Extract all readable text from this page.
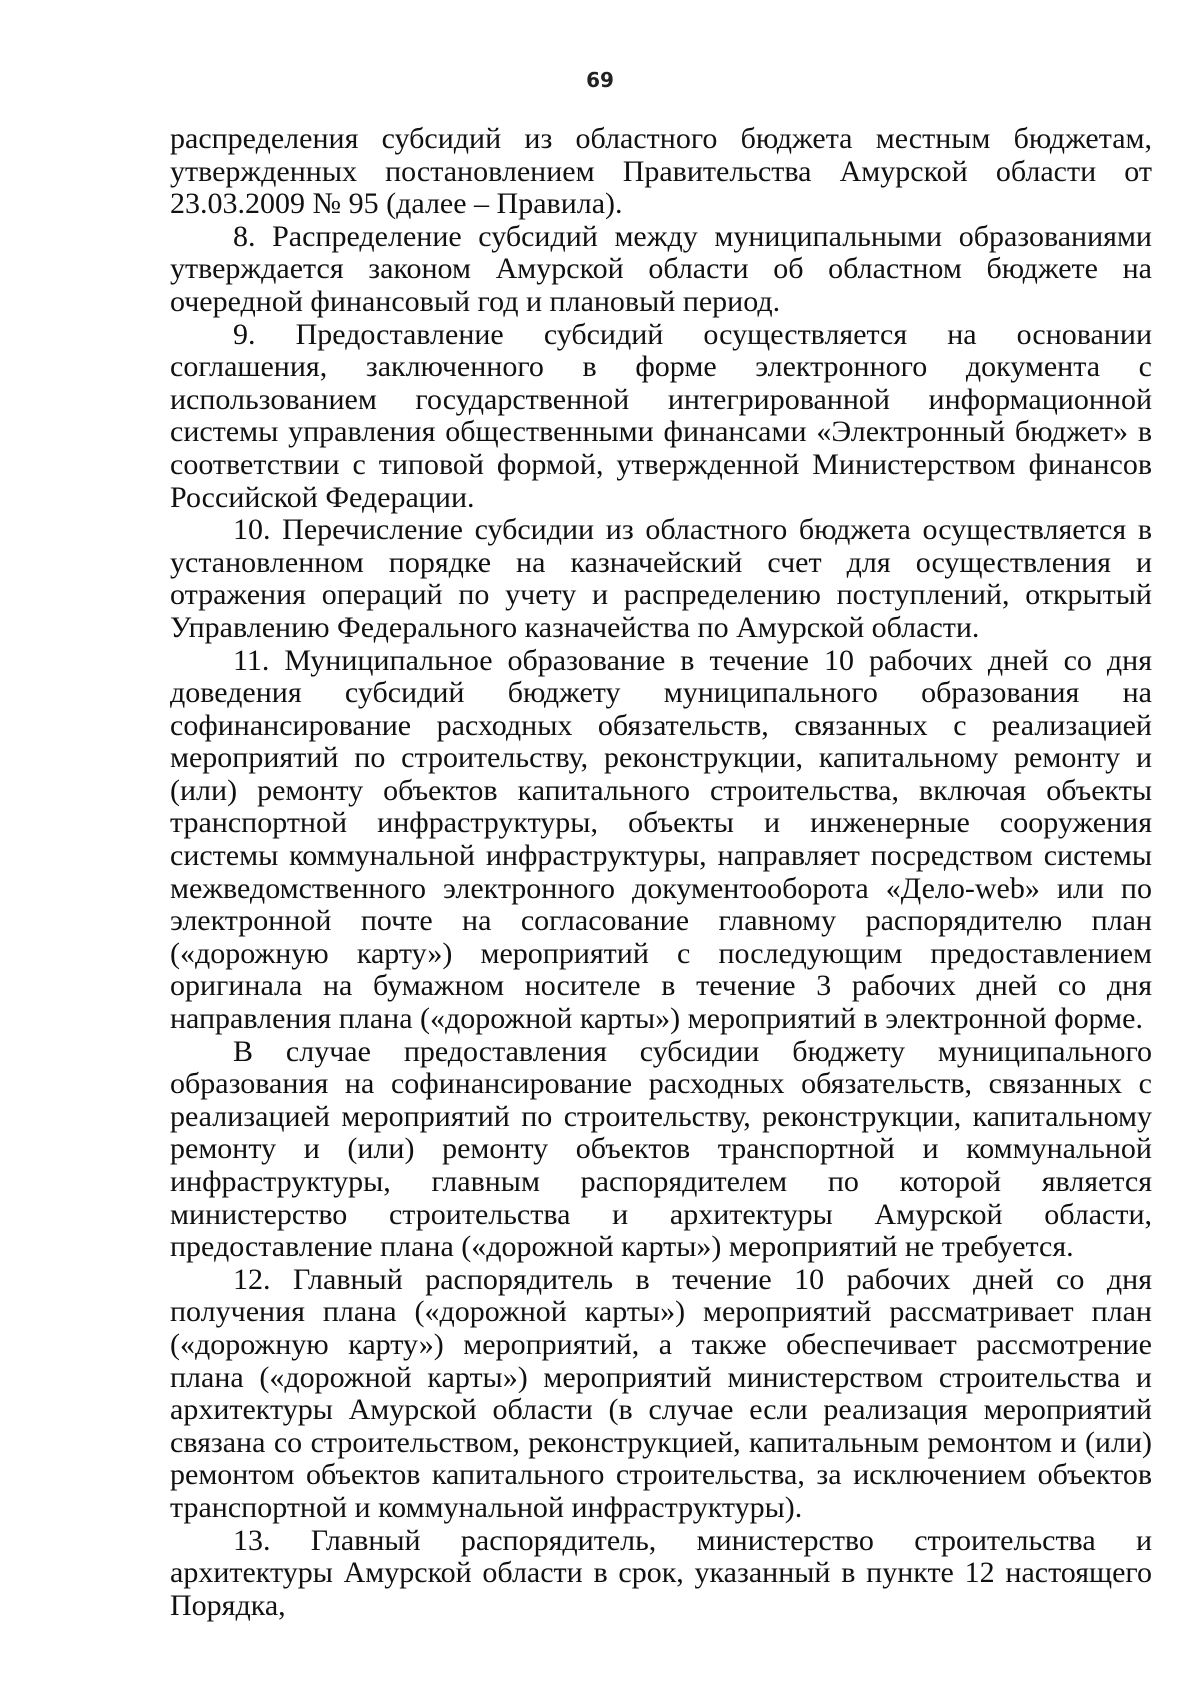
69

распределения субсидий из областного бюджета местным бюджетам, утвержденных постановлением Правительства Амурской области от 23.03.2009 № 95 (далее – Правила).

8. Распределение субсидий между муниципальными образованиями утверждается законом Амурской области об областном бюджете на очередной финансовый год и плановый период.

9. Предоставление субсидий осуществляется на основании соглашения, заключенного в форме электронного документа с использованием государственной интегрированной информационной системы управления общественными финансами «Электронный бюджет» в соответствии с типовой формой, утвержденной Министерством финансов Российской Федерации.

10. Перечисление субсидии из областного бюджета осуществляется в установленном порядке на казначейский счет для осуществления и отражения операций по учету и распределению поступлений, открытый Управлению Федерального казначейства по Амурской области.

11. Муниципальное образование в течение 10 рабочих дней со дня доведения субсидий бюджету муниципального образования на софинансирование расходных обязательств, связанных с реализацией мероприятий по строительству, реконструкции, капитальному ремонту и (или) ремонту объектов капитального строительства, включая объекты транспортной инфраструктуры, объекты и инженерные сооружения системы коммунальной инфраструктуры, направляет посредством системы межведомственного электронного документооборота «Дело-web» или по электронной почте на согласование главному распорядителю план («дорожную карту») мероприятий с последующим предоставлением оригинала на бумажном носителе в течение 3 рабочих дней со дня направления плана («дорожной карты») мероприятий в электронной форме.

В случае предоставления субсидии бюджету муниципального образования на софинансирование расходных обязательств, связанных с реализацией мероприятий по строительству, реконструкции, капитальному ремонту и (или) ремонту объектов транспортной и коммунальной инфраструктуры, главным распорядителем по которой является министерство строительства и архитектуры Амурской области, предоставление плана («дорожной карты») мероприятий не требуется.

12. Главный распорядитель в течение 10 рабочих дней со дня получения плана («дорожной карты») мероприятий рассматривает план («дорожную карту») мероприятий, а также обеспечивает рассмотрение плана («дорожной карты») мероприятий министерством строительства и архитектуры Амурской области (в случае если реализация мероприятий связана со строительством, реконструкцией, капитальным ремонтом и (или) ремонтом объектов капитального строительства, за исключением объектов транспортной и коммунальной инфраструктуры).

13. Главный распорядитель, министерство строительства и архитектуры Амурской области в срок, указанный в пункте 12 настоящего Порядка,
